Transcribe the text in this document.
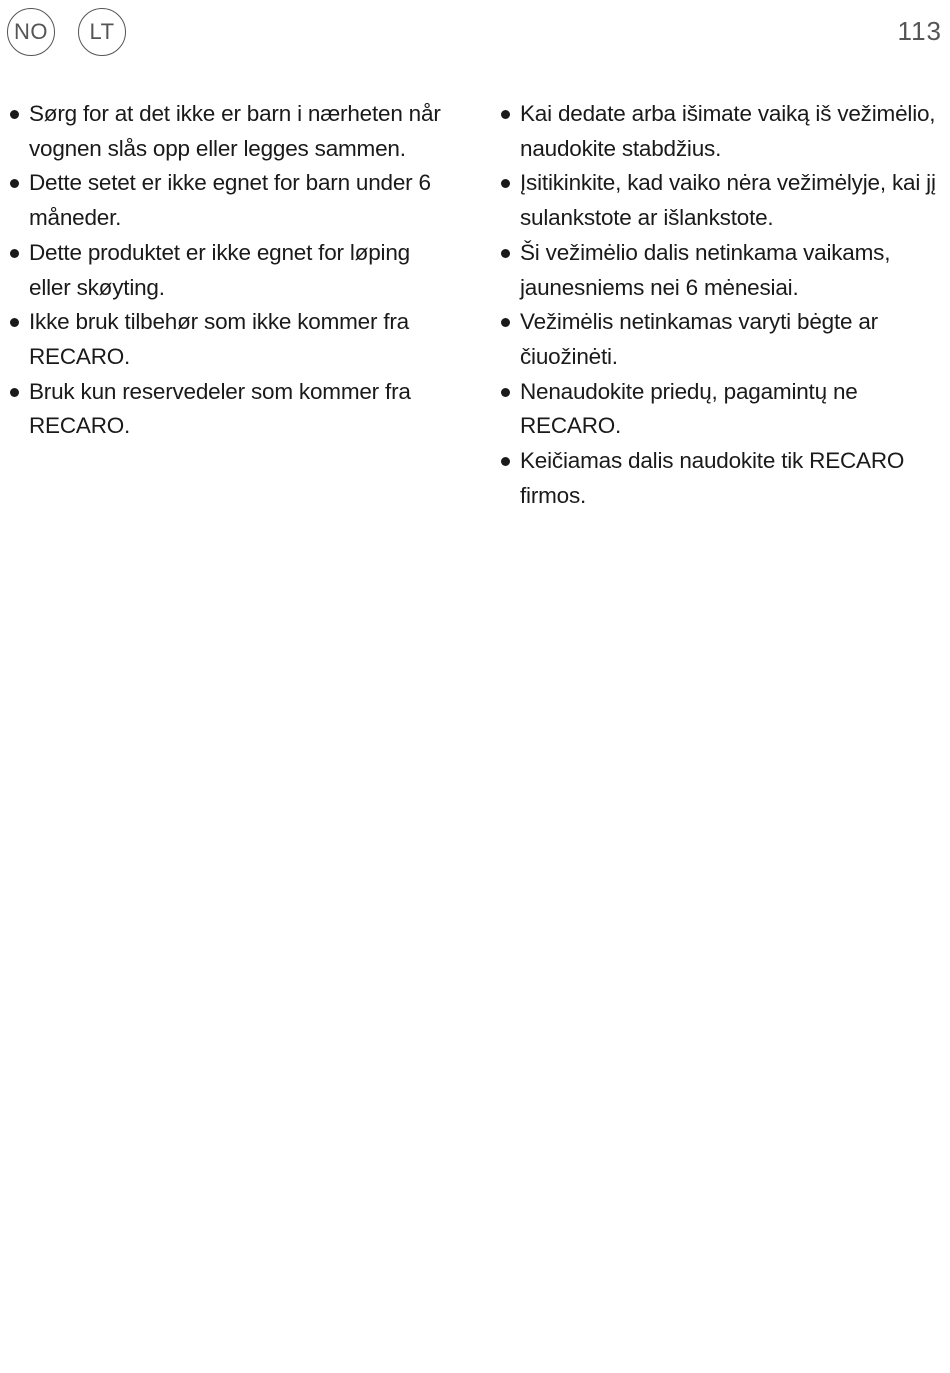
NO	LT	113
Sørg for at det ikke er barn i nærheten når vognen slås opp eller legges sammen.
Dette setet er ikke egnet for barn under 6 måneder.
Dette produktet er ikke egnet for løping eller skøyting.
Ikke bruk tilbehør som ikke kommer fra RECARO.
Bruk kun reservedeler som kommer fra RECARO.
Kai dedate arba išimate vaiką iš vežimėlio, naudokite stabdžius.
Įsitikinkite, kad vaiko nėra vežimėlyje, kai jį sulankstote ar išlankstote.
Ši vežimėlio dalis netinkama vaikams, jaunesniems nei 6 mėnesiai.
Vežimėlis netinkamas varyti bėgte ar čiuožinėti.
Nenaudokite priedų, pagamintų ne RECARO.
Keičiamas dalis naudokite tik RECARO firmos.
